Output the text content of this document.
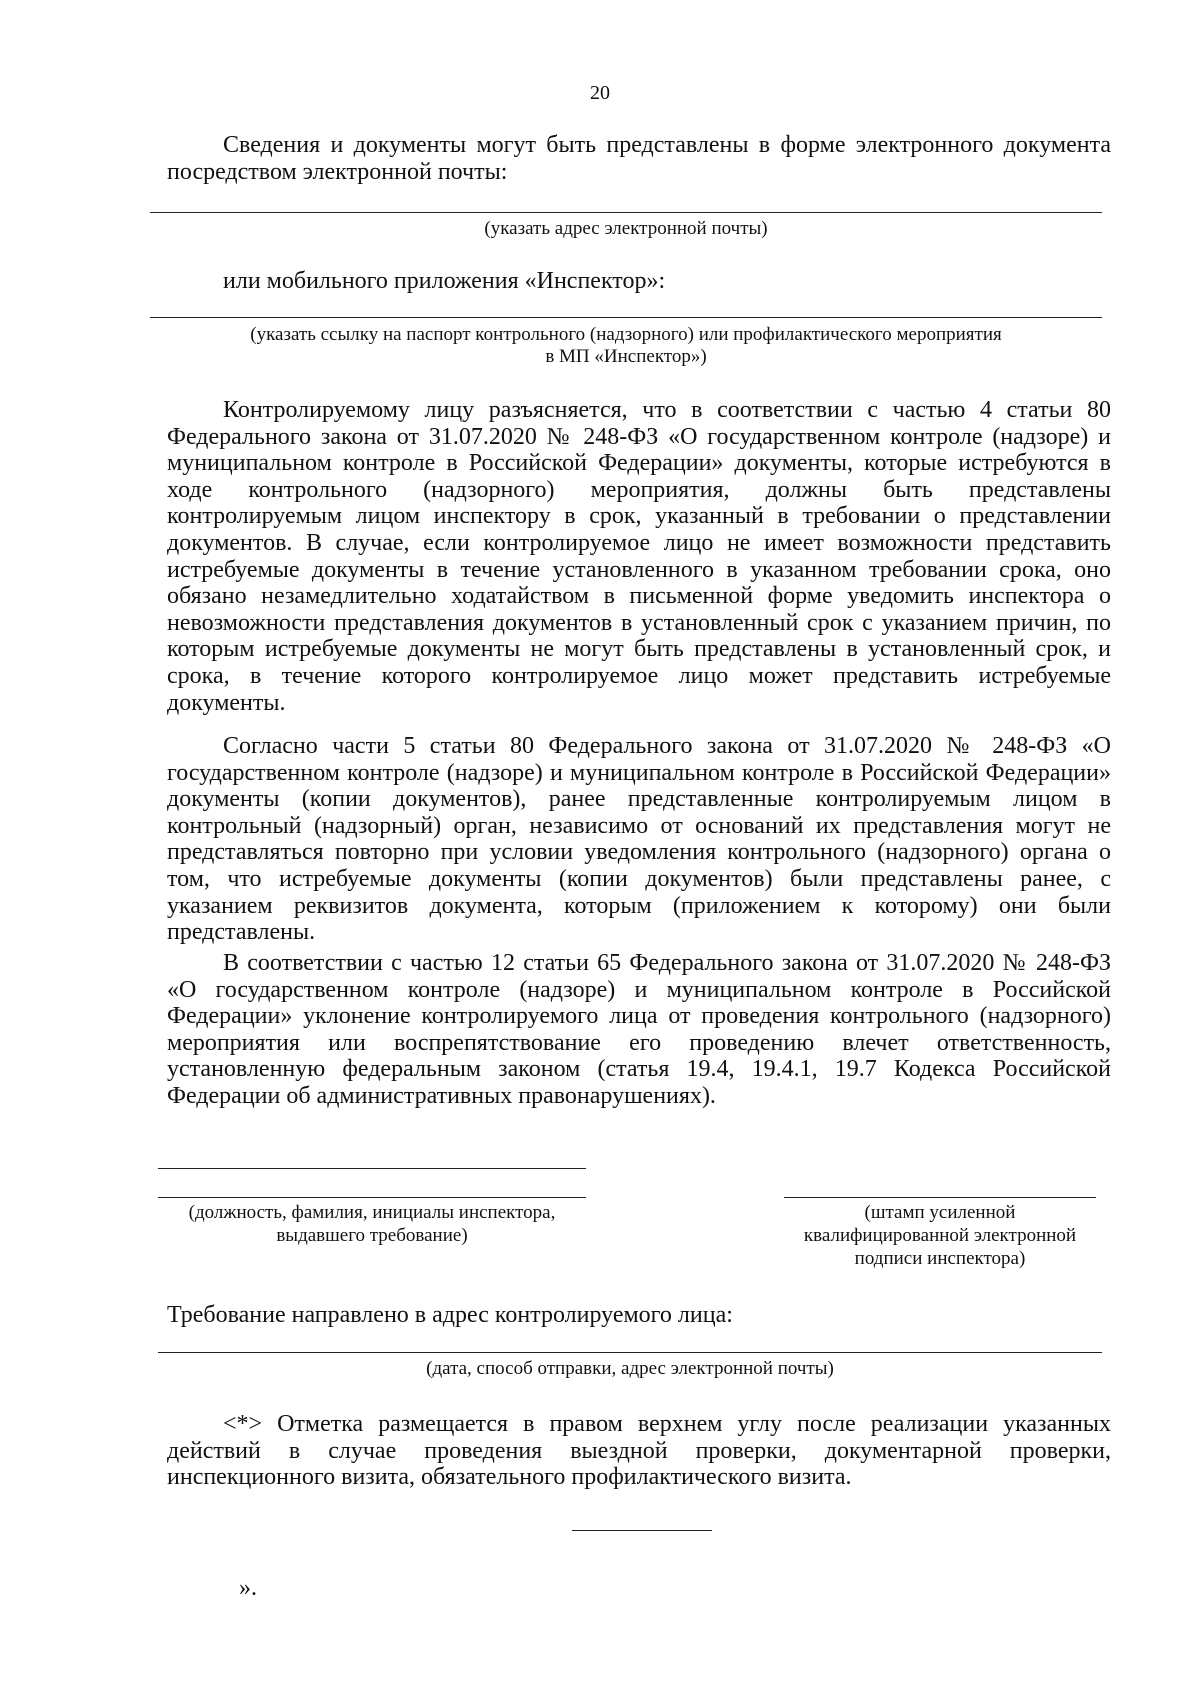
20

Сведения и документы могут быть представлены в форме электронного документа посредством электронной почты:

(указать адрес электронной почты)
или мобильного приложения «Инспектор»:
(указать ссылку на паспорт контрольного (надзорного) или профилактического мероприятия
в МП «Инспектор»)

Контролируемому лицу разъясняется, что в соответствии с частью 4 статьи 80 Федерального закона от 31.07.2020 № 248-ФЗ «О государственном контроле (надзоре) и муниципальном контроле в Российской Федерации» документы, которые истребуются в ходе контрольного (надзорного) мероприятия, должны быть представлены контролируемым лицом инспектору в срок, указанный в требовании о представлении документов. В случае, если контролируемое лицо не имеет возможности представить истребуемые документы в течение установленного в указанном требовании срока, оно обязано незамедлительно ходатайством в письменной форме уведомить инспектора о невозможности представления документов в установленный срок с указанием причин, по которым истребуемые документы не могут быть представлены в установленный срок, и срока, в течение которого контролируемое лицо может представить истребуемые документы.

Согласно части 5 статьи 80 Федерального закона от 31.07.2020 № 248-ФЗ «О государственном контроле (надзоре) и муниципальном контроле в Российской Федерации» документы (копии документов), ранее представленные контролируемым лицом в контрольный (надзорный) орган, независимо от оснований их представления могут не представляться повторно при условии уведомления контрольного (надзорного) органа о том, что истребуемые документы (копии документов) были представлены ранее, с указанием реквизитов документа, которым (приложением к которому) они были представлены.

В соответствии с частью 12 статьи 65 Федерального закона от 31.07.2020 № 248-ФЗ «О государственном контроле (надзоре) и муниципальном контроле в Российской Федерации» уклонение контролируемого лица от проведения контрольного (надзорного) мероприятия или воспрепятствование его проведению влечет ответственность, установленную федеральным законом (статья 19.4, 19.4.1, 19.7 Кодекса Российской Федерации об административных правонарушениях).

(должность, фамилия, инициалы инспектора,
выдавшего требование)
(штамп усиленной
квалифицированной электронной
подписи инспектора)
Требование направлено в адрес контролируемого лица:
(дата, способ отправки, адрес электронной почты)

<*> Отметка размещается в правом верхнем углу после реализации указанных действий в случае проведения выездной проверки, документарной проверки, инспекционного визита, обязательного профилактического визита.

».
